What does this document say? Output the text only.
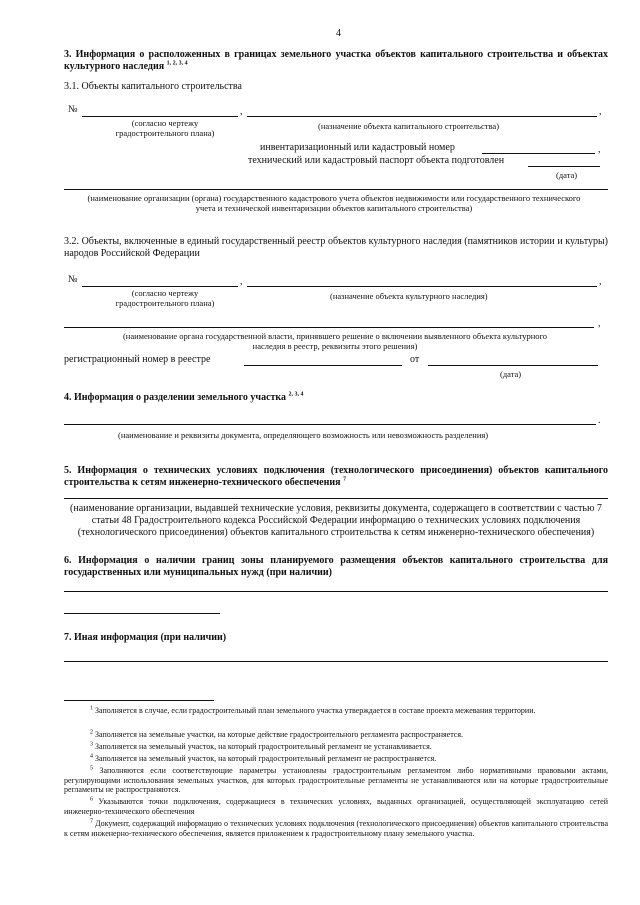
4
3. Информация о расположенных в границах земельного участка объектов капитального строительства и объектах культурного наследия $^{1, 2, 3, 4}$
3.1. Объекты капитального строительства
№	,	,
(согласно чертежу градостроительного плана)
(назначение объекта капитального строительства)
инвентаризационный или кадастровый номер	,
технический или кадастровый паспорт объекта подготовлен
(дата)
(наименование организации (органа) государственного кадастрового учета объектов недвижимости или государственного технического учета и технической инвентаризации объектов капитального строительства)
3.2. Объекты, включенные в единый государственный реестр объектов культурного наследия (памятников истории и культуры) народов Российской Федерации
№	,	,
(согласно чертежу градостроительного плана)
(назначение объекта культурного наследия)
,
(наименование органа государственной власти, принявшего решение о включении выявленного объекта культурного наследия в реестр, реквизиты этого решения)
регистрационный номер в реестре	от
(дата)
4. Информация о разделении земельного участка $^{2, 3, 4}$
.
(наименование и реквизиты документа, определяющего возможность или невозможность разделения)
5. Информация о технических условиях подключения (технологического присоединения) объектов капитального строительства к сетям инженерно-технического обеспечения $^7$
(наименование организации, выдавшей технические условия, реквизиты документа, содержащего в соответствии с частью 7 статьи 48 Градостроительного кодекса Российской Федерации информацию о технических условиях подключения (технологического присоединения) объектов капитального строительства к сетям инженерно-технического обеспечения)
6. Информация о наличии границ зоны планируемого размещения объектов капитального строительства для государственных или муниципальных нужд (при наличии)
7. Иная информация (при наличии)
$^1$ Заполняется в случае, если градостроительный план земельного участка утверждается в составе проекта межевания территории.
$^2$ Заполняется на земельные участки, на которые действие градостроительного регламента распространяется.
$^3$ Заполняется на земельный участок, на который градостроительный регламент не устанавливается.
$^4$ Заполняется на земельный участок, на который градостроительный регламент не распространяется.
$^5$ Заполняются если соответствующие параметры установлены градостроительным регламентом либо нормативными правовыми актами, регулирующими использования земельных участков, для которых градостроительные регламенты не устанавливаются или на которые градостроительные регламенты не распространяются.
$^6$ Указываются точки подключения, содержащиеся в технических условиях, выданных организацией, осуществляющей эксплуатацию сетей инженерно-технического обеспечения
$^7$ Документ, содержащий информацию о технических условиях подключения (технологического присоединения) объектов капитального строительства к сетям инженерно-технического обеспечения, является приложением к градостроительному плану земельного участка.
